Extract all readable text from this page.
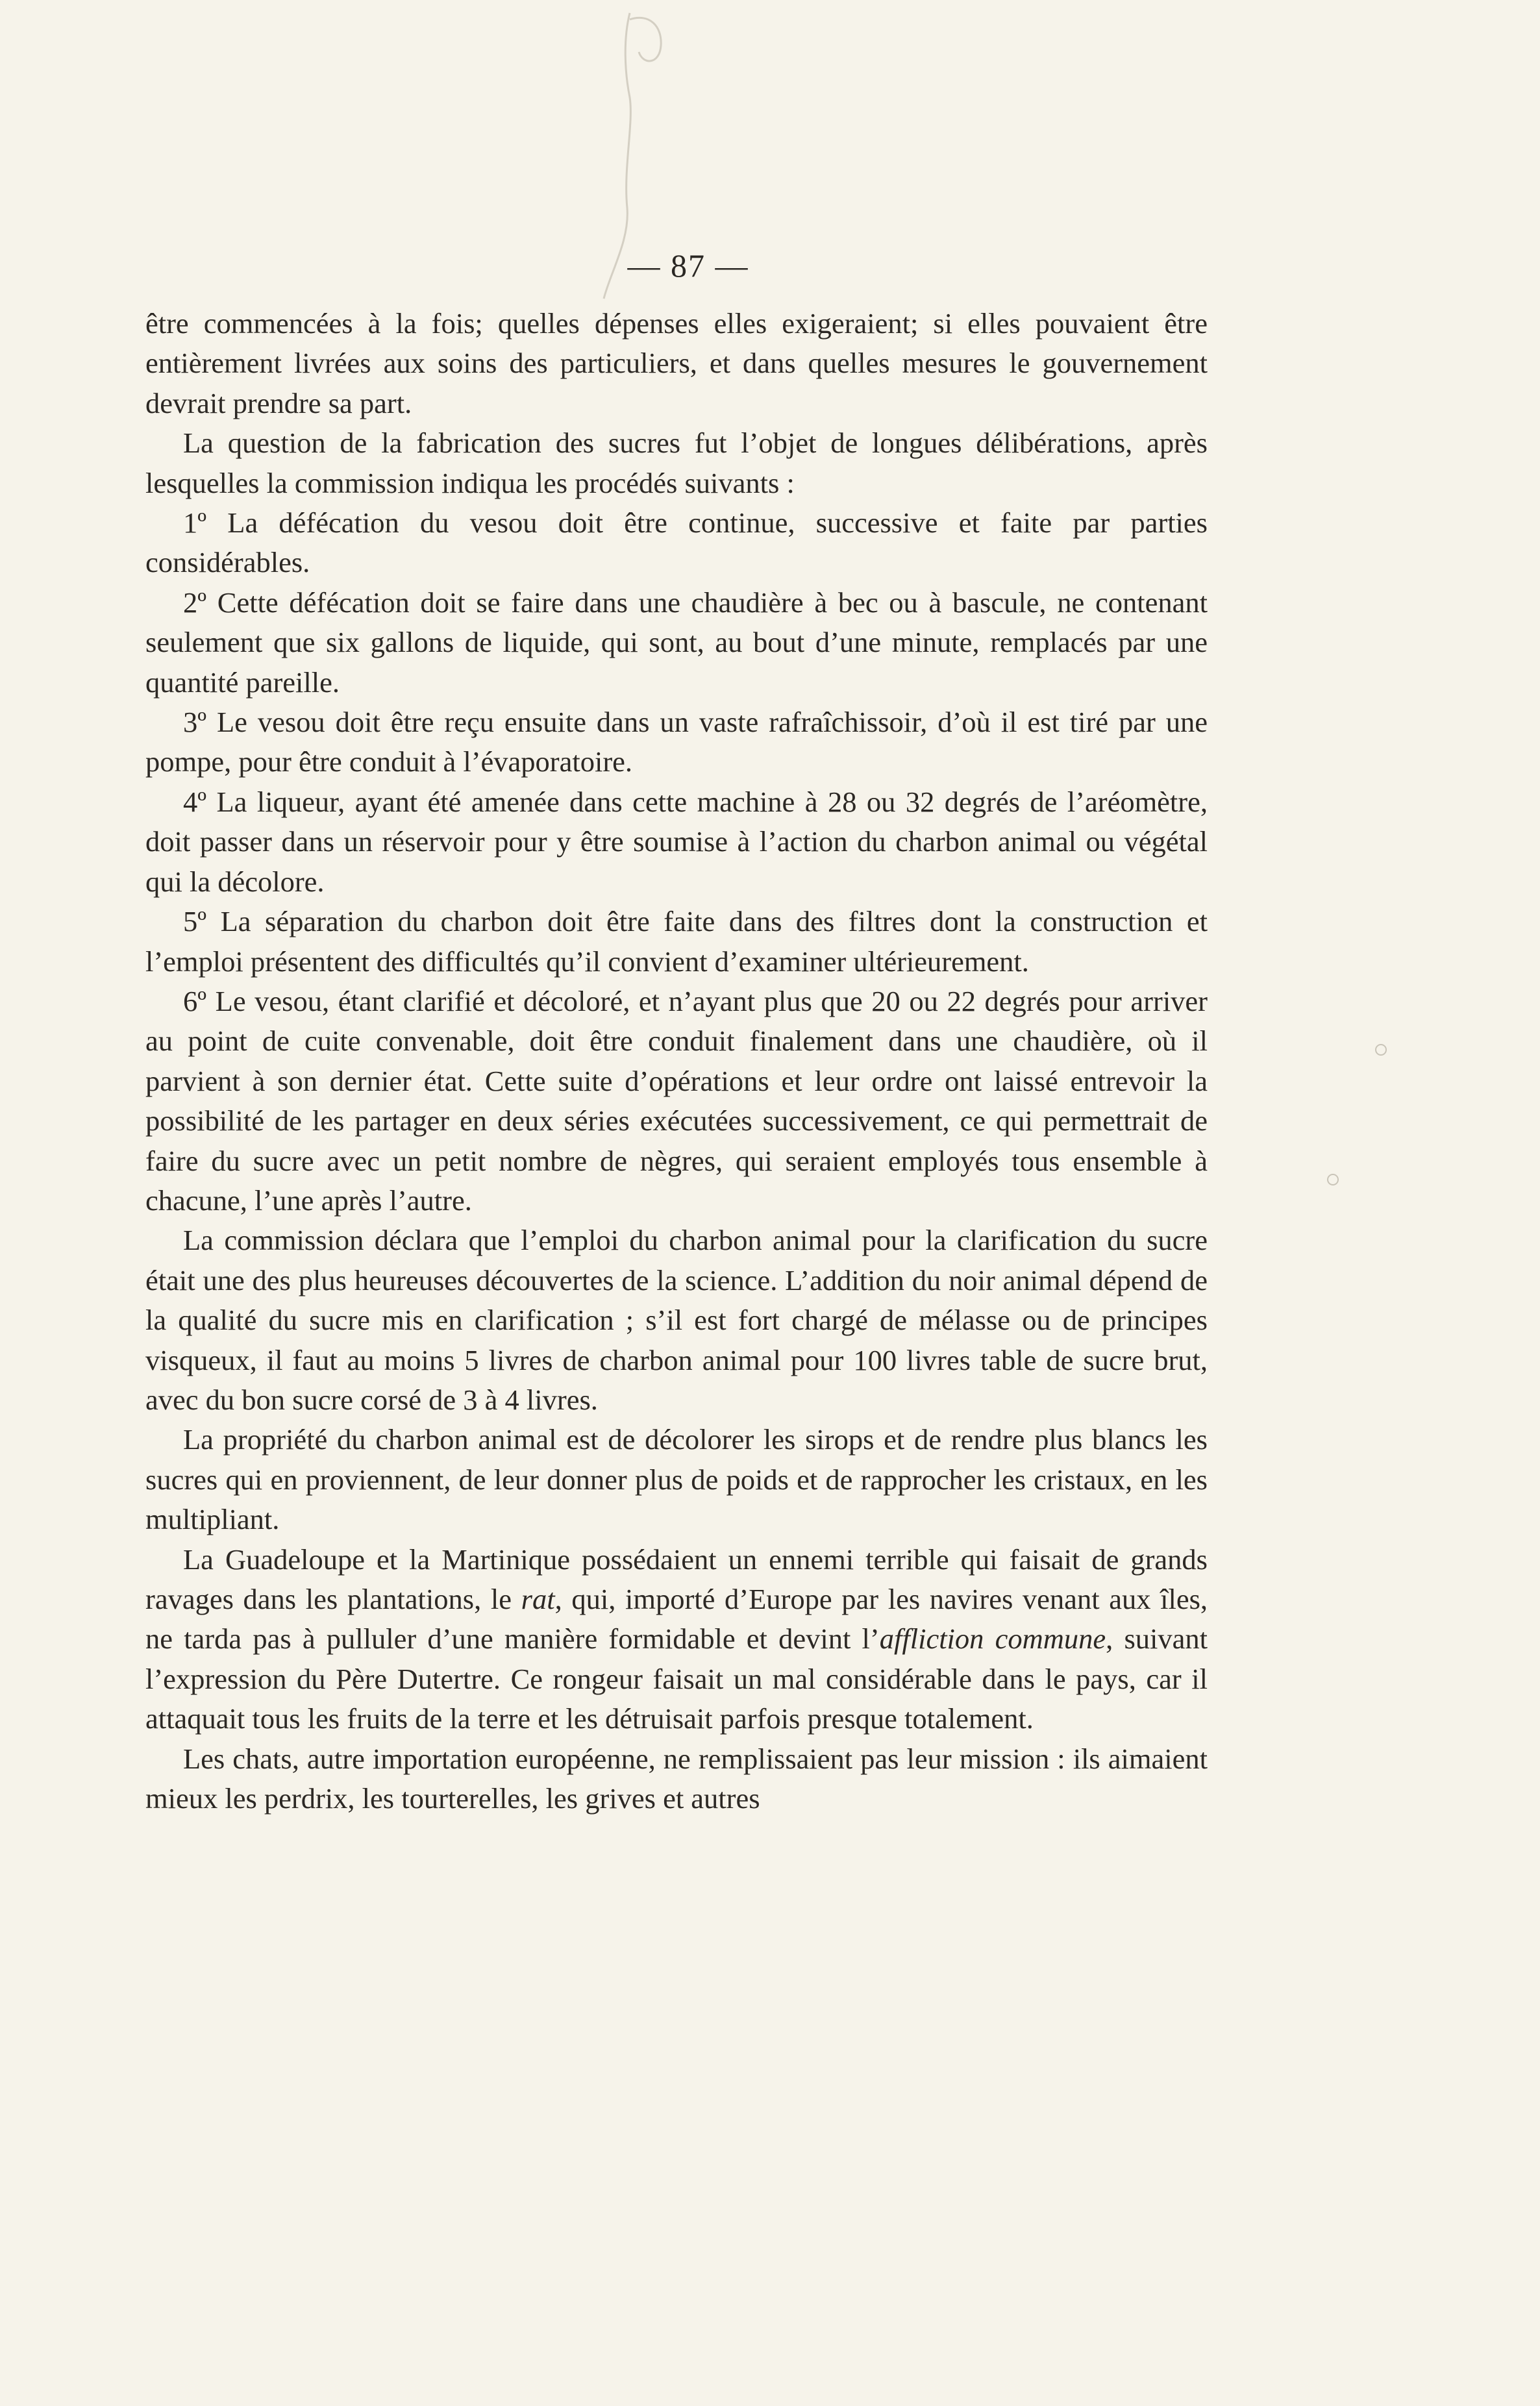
— 87 —

être commencées à la fois; quelles dépenses elles exigeraient; si elles pouvaient être entièrement livrées aux soins des particuliers, et dans quelles mesures le gouvernement devrait prendre sa part.

La question de la fabrication des sucres fut l’objet de longues délibérations, après lesquelles la commission indiqua les procédés suivants :

1º La défécation du vesou doit être continue, successive et faite par parties considérables.

2º Cette défécation doit se faire dans une chaudière à bec ou à bascule, ne contenant seulement que six gallons de liquide, qui sont, au bout d’une minute, remplacés par une quantité pareille.

3º Le vesou doit être reçu ensuite dans un vaste rafraîchissoir, d’où il est tiré par une pompe, pour être conduit à l’évaporatoire.

4º La liqueur, ayant été amenée dans cette machine à 28 ou 32 degrés de l’aréomètre, doit passer dans un réservoir pour y être soumise à l’action du charbon animal ou végétal qui la décolore.

5º La séparation du charbon doit être faite dans des filtres dont la construction et l’emploi présentent des difficultés qu’il convient d’examiner ultérieurement.

6º Le vesou, étant clarifié et décoloré, et n’ayant plus que 20 ou 22 degrés pour arriver au point de cuite convenable, doit être conduit finalement dans une chaudière, où il parvient à son dernier état. Cette suite d’opérations et leur ordre ont laissé entrevoir la possibilité de les partager en deux séries exécutées successivement, ce qui permettrait de faire du sucre avec un petit nombre de nègres, qui seraient employés tous ensemble à chacune, l’une après l’autre.

La commission déclara que l’emploi du charbon animal pour la clarification du sucre était une des plus heureuses découvertes de la science. L’addition du noir animal dépend de la qualité du sucre mis en clarification ; s’il est fort chargé de mélasse ou de principes visqueux, il faut au moins 5 livres de charbon animal pour 100 livres table de sucre brut, avec du bon sucre corsé de 3 à 4 livres.

La propriété du charbon animal est de décolorer les sirops et de rendre plus blancs les sucres qui en proviennent, de leur donner plus de poids et de rapprocher les cristaux, en les multipliant.

La Guadeloupe et la Martinique possédaient un ennemi terrible qui faisait de grands ravages dans les plantations, le rat, qui, importé d’Europe par les navires venant aux îles, ne tarda pas à pulluler d’une manière formidable et devint l’affliction commune, suivant l’expression du Père Dutertre. Ce rongeur faisait un mal considérable dans le pays, car il attaquait tous les fruits de la terre et les détruisait parfois presque totalement.

Les chats, autre importation européenne, ne remplissaient pas leur mission : ils aimaient mieux les perdrix, les tourterelles, les grives et autres
